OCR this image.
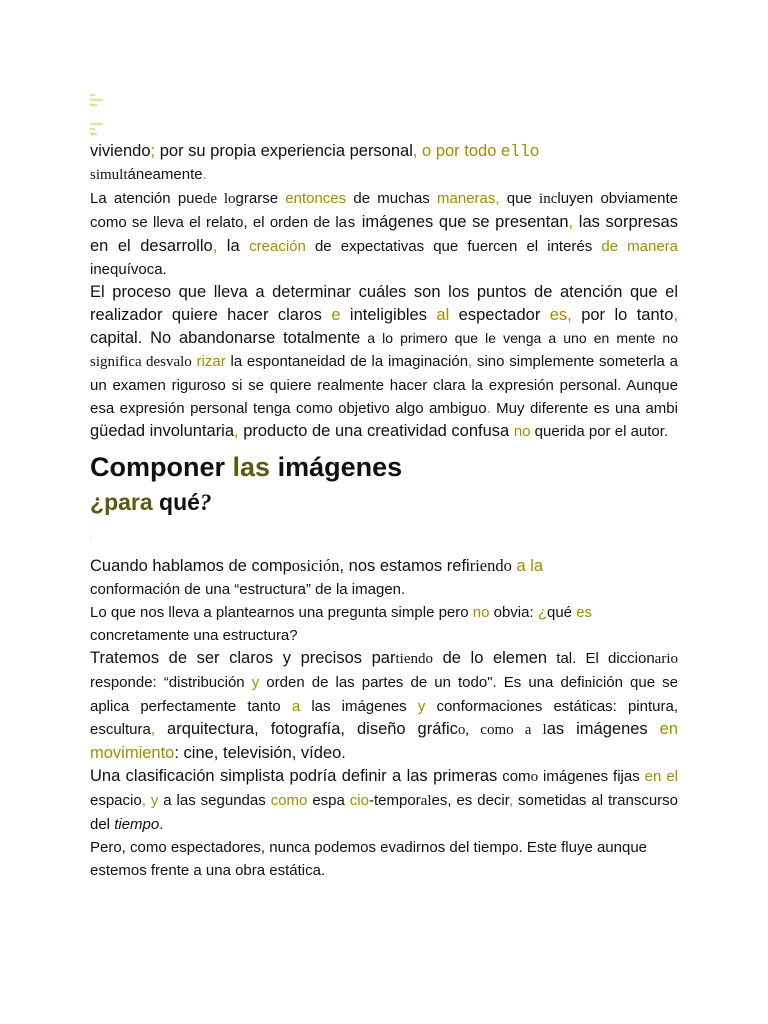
sin
imagen
fijas
imagen
sin
fijas

viviendo; por su propia experiencia personal, o por todo ello
simultáneamente.

La atención puede lograrse entonces de muchas maneras, que incluyen obviamente como se lleva el relato, el orden de las imágenes que se presentan, las sorpresas en el desarrollo, la creación de expectativas que fuercen el interés de manera inequívoca.

El proceso que lleva a determinar cuáles son los puntos de atención que el realizador quiere hacer claros e inteligibles al espectador es, por lo tanto, capital. No abandonarse totalmente a lo primero que le venga a uno en mente no significa desvalo rizar la espontaneidad de la imaginación, sino simplemente someterla a un examen riguroso si se quiere realmente hacer clara la expresión personal. Aunque esa expresión personal tenga como objetivo algo ambiguo. Muy diferente es una ambi güedad involuntaria, producto de una creatividad confusa no querida por el autor.

Componer las imágenes

¿para qué?

:
¨
¦

Cuando hablamos de composición, nos estamos refiriendo a la
conformación de una “estructura” de la imagen.

Lo que nos lleva a plantearnos una pregunta simple pero no obvia: ¿qué es concretamente una estructura?

Tratemos de ser claros y precisos partiendo de lo elemen tal. El diccionario responde: “distribución y orden de las partes de un todo". Es una definición que se aplica perfectamente tanto a las imágenes y conformaciones estáticas: pintura, escultura, arquitectura, fotografía, diseño gráfico, como a las imágenes en movimiento: cine, televisión, vídeo.

Una clasificación simplista podría definir a las primeras como imágenes fijas en el espacio, y a las segundas como espa cio-temporales, es decir, sometidas al transcurso del tiempo.

Pero, como espectadores, nunca podemos evadirnos del tiempo. Este fluye aunque estemos frente a una obra estática.
